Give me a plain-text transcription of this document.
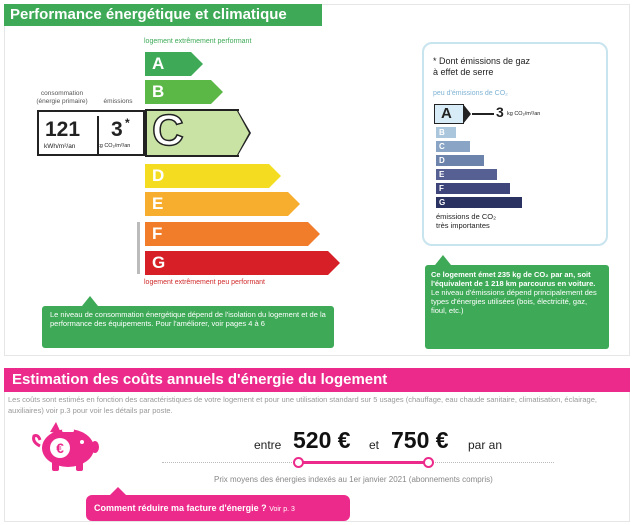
Performance énergétique et climatique
logement extrêmement performant
A
B
D
E
F
G
C
consommation
(énergie primaire)	émissions
121
kWh/m²/an
3 *
kg CO₂/m²/an
logement extrêmement peu performant
Le niveau de consommation énergétique dépend de l'isolation du logement et de la performance des équipements. Pour l'améliorer, voir pages 4 à 6
* Dont émissions de gaz
à effet de serre
peu d'émissions de CO₂
A	3 kg CO₂/m²/an
B
C
D
E
F
G
émissions de CO₂
très importantes
Ce logement émet 235 kg de CO₂ par an, soit l'équivalent de 1 218 km parcourus en voiture. Le niveau d'émissions dépend principalement des types d'énergies utilisées (bois, électricité, gaz, fioul, etc.)
Estimation des coûts annuels d'énergie du logement
Les coûts sont estimés en fonction des caractéristiques de votre logement et pour une utilisation standard sur 5 usages (chauffage, eau chaude sanitaire, climatisation, éclairage, auxiliaires) voir p.3 pour voir les détails par poste.
€	entre 520 € et 750 € par an
Prix moyens des énergies indexés au 1er janvier 2021 (abonnements compris)
Comment réduire ma facture d'énergie ? Voir p. 3
